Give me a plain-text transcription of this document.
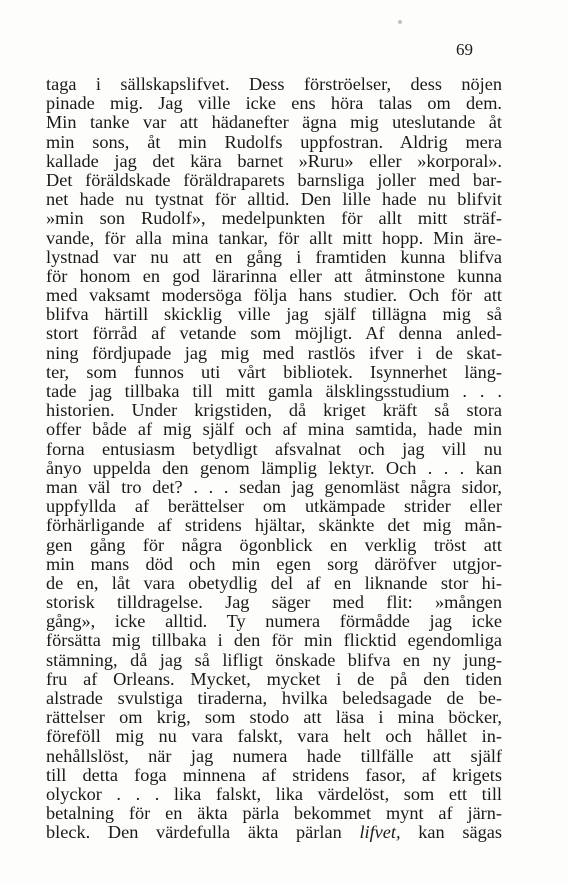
69
taga i sällskapslifvet. Dess förströelser, dess nöjen
pinade mig. Jag ville icke ens höra talas om dem.
Min tanke var att hädanefter ägna mig uteslutande åt
min sons, åt min Rudolfs uppfostran. Aldrig mera
kallade jag det kära barnet »Ruru» eller »korporal».
Det föräldskade föräldraparets barnsliga joller med bar-
net hade nu tystnat för alltid. Den lille hade nu blifvit
»min son Rudolf», medelpunkten för allt mitt sträf-
vande, för alla mina tankar, för allt mitt hopp. Min äre-
lystnad var nu att en gång i framtiden kunna blifva
för honom en god lärarinna eller att åtminstone kunna
med vaksamt modersöga följa hans studier. Och för att
blifva härtill skicklig ville jag själf tillägna mig så
stort förråd af vetande som möjligt. Af denna anled-
ning fördjupade jag mig med rastlös ifver i de skat-
ter, som funnos uti vårt bibliotek. Isynnerhet läng-
tade jag tillbaka till mitt gamla älsklingsstudium . . .
historien. Under krigstiden, då kriget kräft så stora
offer både af mig själf och af mina samtida, hade min
forna entusiasm betydligt afsvalnat och jag vill nu
ånyo uppelda den genom lämplig lektyr. Och . . . kan
man väl tro det? . . . sedan jag genomläst några sidor,
uppfyllda af berättelser om utkämpade strider eller
förhärligande af stridens hjältar, skänkte det mig mån-
gen gång för några ögonblick en verklig tröst att
min mans död och min egen sorg däröfver utgjor-
de en, låt vara obetydlig del af en liknande stor hi-
storisk tilldragelse. Jag säger med flit: »mången
gång», icke alltid. Ty numera förmådde jag icke
försätta mig tillbaka i den för min flicktid egendomliga
stämning, då jag så lifligt önskade blifva en ny jung-
fru af Orleans. Mycket, mycket i de på den tiden
alstrade svulstiga tiraderna, hvilka beledsagade de be-
rättelser om krig, som stodo att läsa i mina böcker,
föreföll mig nu vara falskt, vara helt och hållet in-
nehållslöst, när jag numera hade tillfälle att själf
till detta foga minnena af stridens fasor, af krigets
olyckor . . . lika falskt, lika värdelöst, som ett till
betalning för en äkta pärla bekommet mynt af järn-
bleck. Den värdefulla äkta pärlan lifvet, kan sägas
